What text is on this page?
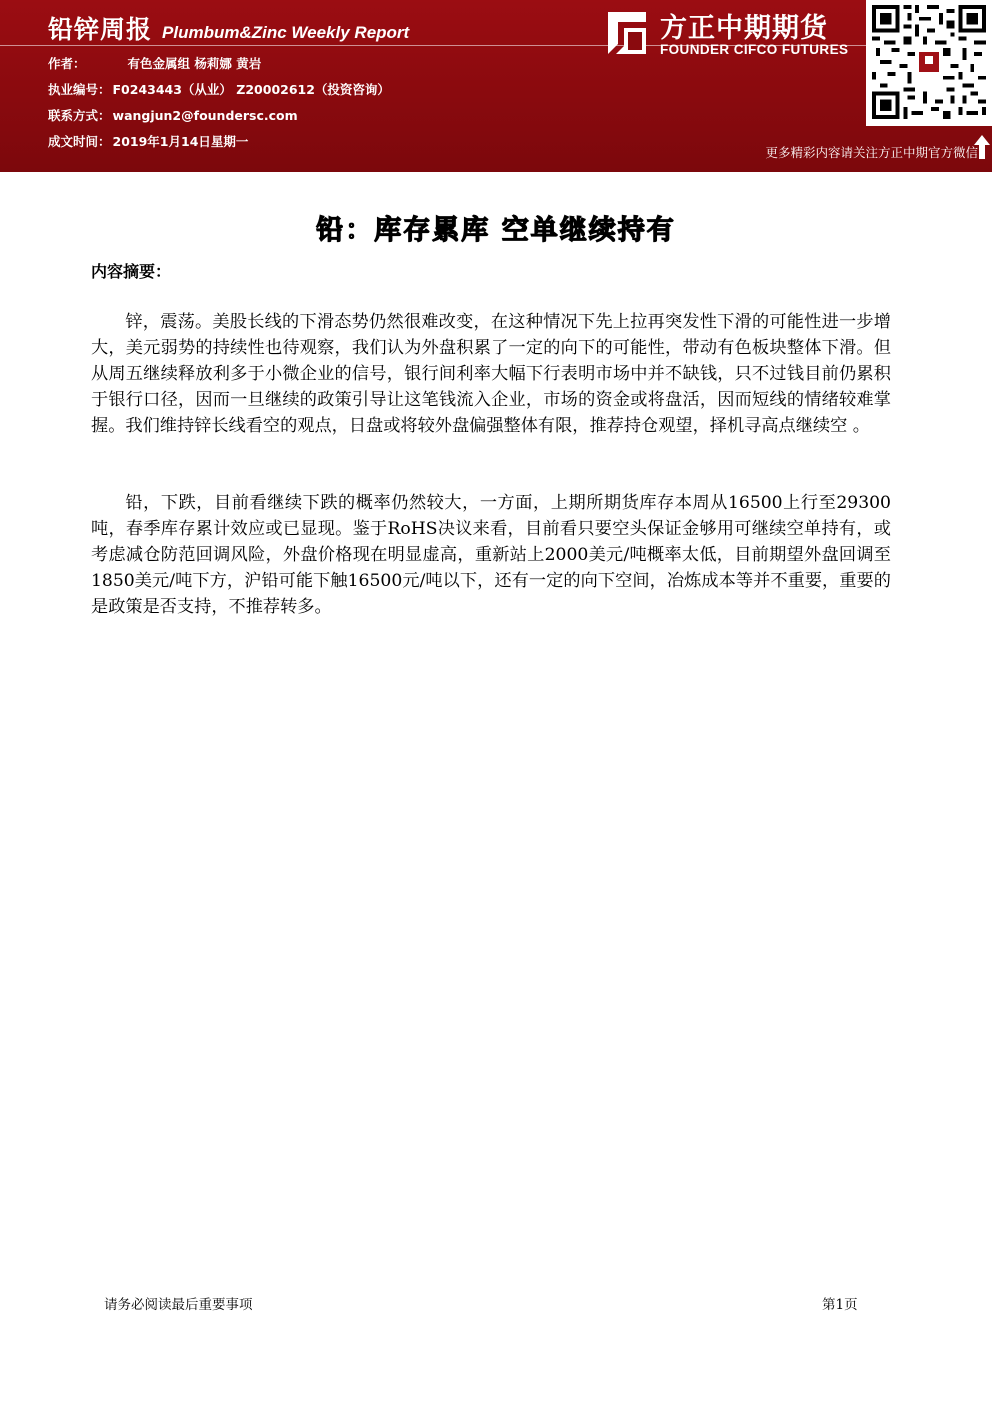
铅锌周报 Plumbum&Zinc Weekly Report
作者：	有色金属组 杨莉娜 黄岩
执业编号： F0243443（从业） Z20002612（投资咨询）
联系方式： wangjun2@foundersc.com
成文时间： 2019年1月14日星期一
方正中期期货
FOUNDER CIFCO FUTURES
更多精彩内容请关注方正中期官方微信
铅：库存累库 空单继续持有
内容摘要：

锌，震荡。美股长线的下滑态势仍然很难改变，在这种情况下先上拉再突发性下滑的可能性进一步增大，美元弱势的持续性也待观察，我们认为外盘积累了一定的向下的可能性，带动有色板块整体下滑。但从周五继续释放利多于小微企业的信号，银行间利率大幅下行表明市场中并不缺钱，只不过钱目前仍累积于银行口径，因而一旦继续的政策引导让这笔钱流入企业，市场的资金或将盘活，因而短线的情绪较难掌握。我们维持锌长线看空的观点，日盘或将较外盘偏强整体有限，推荐持仓观望，择机寻高点继续空 。

铅，下跌，目前看继续下跌的概率仍然较大，一方面，上期所期货库存本周从16500上行至29300吨，春季库存累计效应或已显现。鉴于RoHS决议来看，目前看只要空头保证金够用可继续空单持有，或考虑减仓防范回调风险，外盘价格现在明显虚高，重新站上2000美元/吨概率太低，目前期望外盘回调至1850美元/吨下方，沪铅可能下触16500元/吨以下，还有一定的向下空间，冶炼成本等并不重要，重要的是政策是否支持，不推荐转多。

请务必阅读最后重要事项	第1页
